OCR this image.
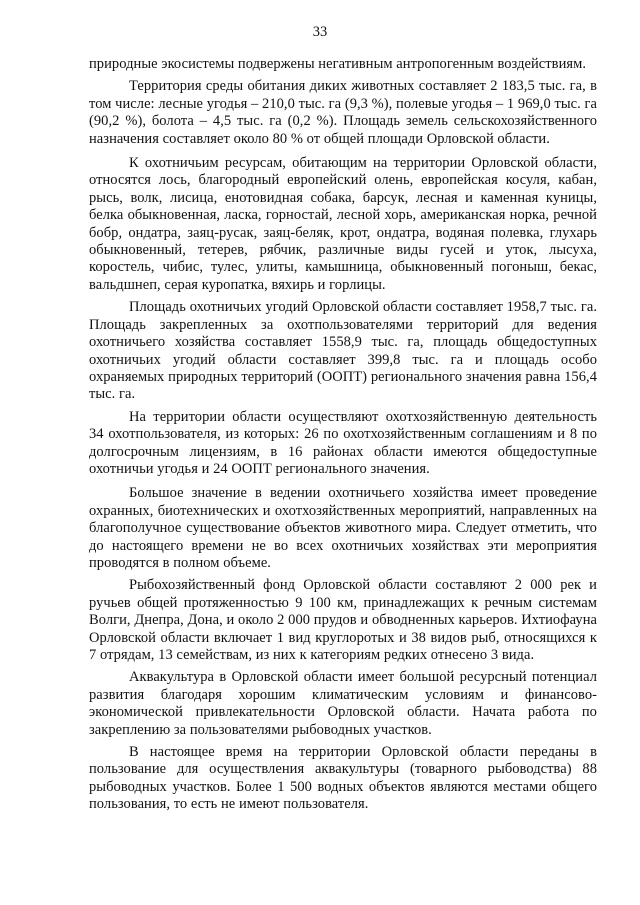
33

природные экосистемы подвержены негативным антропогенным воздействиям.

Территория среды обитания диких животных составляет 2 183,5 тыс. га, в том числе: лесные угодья – 210,0 тыс. га (9,3 %), полевые угодья – 1 969,0 тыс. га (90,2 %), болота – 4,5 тыс. га (0,2 %). Площадь земель сельскохозяйственного назначения составляет около 80 % от общей площади Орловской области.

К охотничьим ресурсам, обитающим на территории Орловской области, относятся лось, благородный европейский олень, европейская косуля, кабан, рысь, волк, лисица, енотовидная собака, барсук, лесная и каменная куницы, белка обыкновенная, ласка, горностай, лесной хорь, американская норка, речной бобр, ондатра, заяц-русак, заяц-беляк, крот, ондатра, водяная полевка, глухарь обыкновенный, тетерев, рябчик, различные виды гусей и уток, лысуха, коростель, чибис, тулес, улиты, камышница, обыкновенный погоныш, бекас, вальдшнеп, серая куропатка, вяхирь и горлицы.

Площадь охотничьих угодий Орловской области составляет 1958,7 тыс. га. Площадь закрепленных за охотпользователями территорий для ведения охотничьего хозяйства составляет 1558,9 тыс. га, площадь общедоступных охотничьих угодий области составляет 399,8 тыс. га и площадь особо охраняемых природных территорий (ООПТ) регионального значения равна 156,4 тыс. га.

На территории области осуществляют охотхозяйственную деятельность 34 охотпользователя, из которых: 26 по охотхозяйственным соглашениям и 8 по долгосрочным лицензиям, в 16 районах области имеются общедоступные охотничьи угодья и 24 ООПТ регионального значения.

Большое значение в ведении охотничьего хозяйства имеет проведение охранных, биотехнических и охотхозяйственных мероприятий, направленных на благополучное существование объектов животного мира. Следует отметить, что до настоящего времени не во всех охотничьих хозяйствах эти мероприятия проводятся в полном объеме.

Рыбохозяйственный фонд Орловской области составляют 2 000 рек и ручьев общей протяженностью 9 100 км, принадлежащих к речным системам Волги, Днепра, Дона, и около 2 000 прудов и обводненных карьеров. Ихтиофауна Орловской области включает 1 вид круглоротых и 38 видов рыб, относящихся к 7 отрядам, 13 семействам, из них к категориям редких отнесено 3 вида.

Аквакультура в Орловской области имеет большой ресурсный потенциал развития благодаря хорошим климатическим условиям и финансово-экономической привлекательности Орловской области. Начата работа по закреплению за пользователями рыбоводных участков.

В настоящее время на территории Орловской области переданы в пользование для осуществления аквакультуры (товарного рыбоводства) 88 рыбоводных участков. Более 1 500 водных объектов являются местами общего пользования, то есть не имеют пользователя.
